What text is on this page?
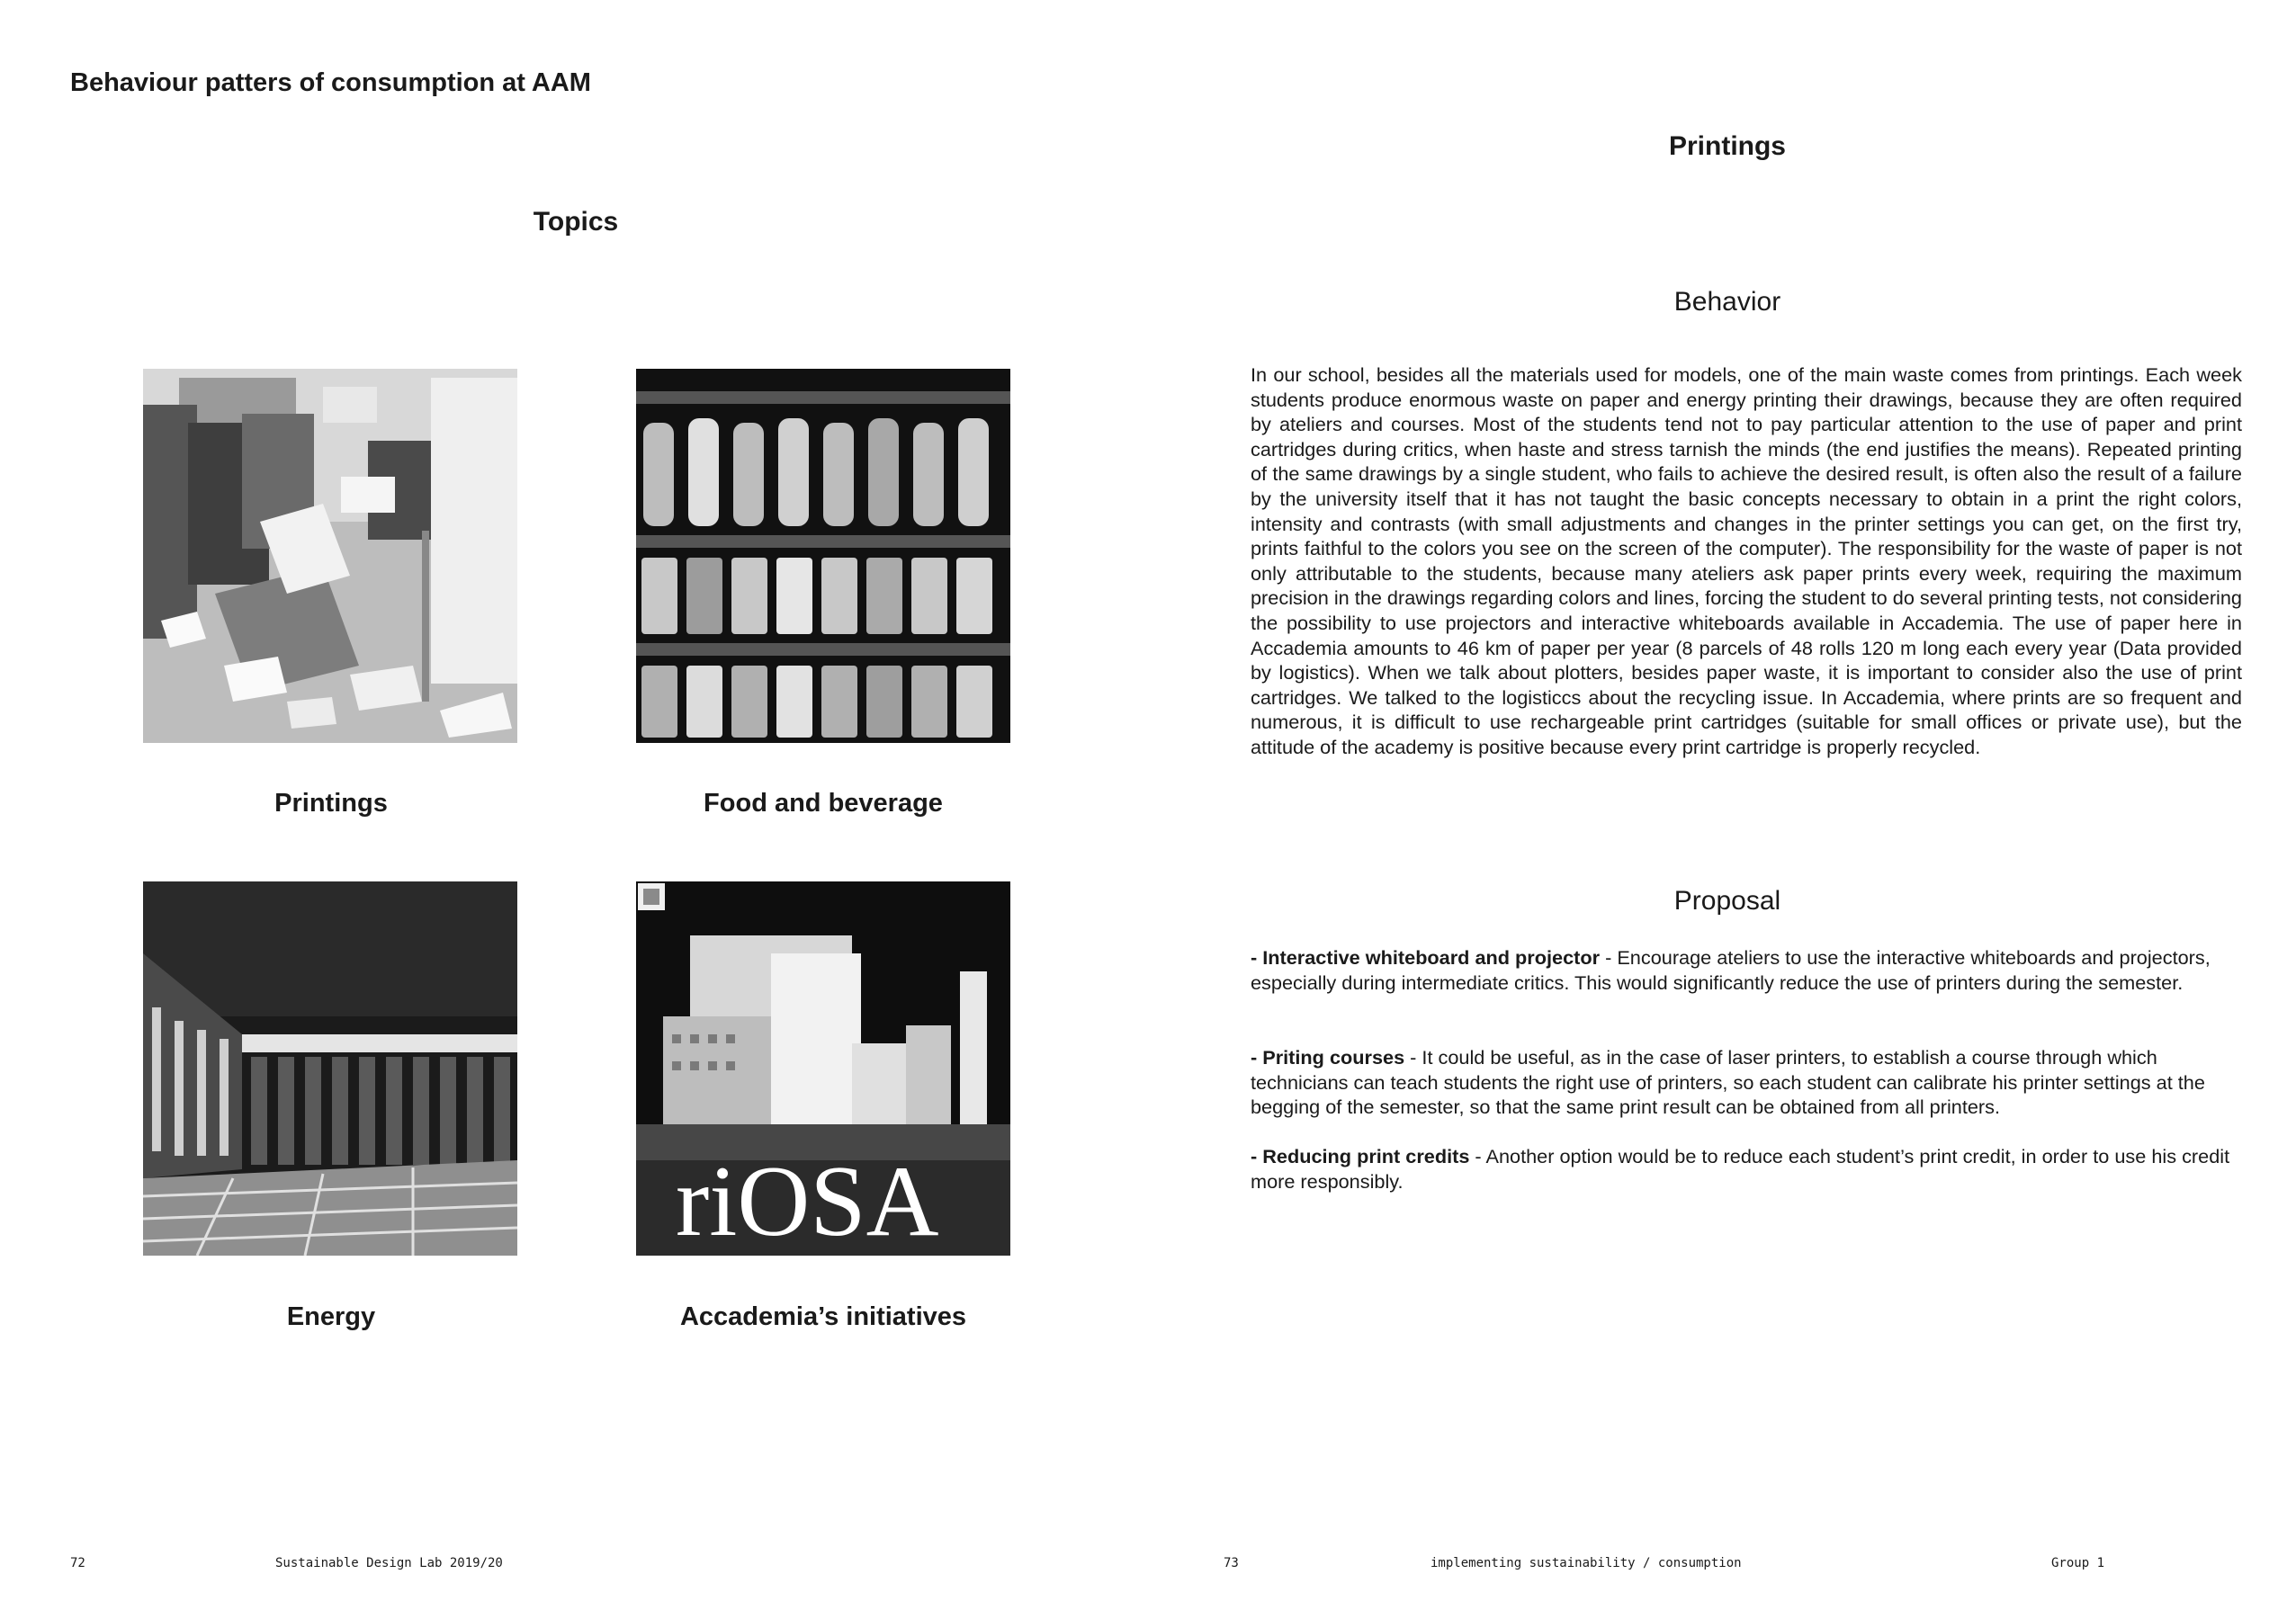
Behaviour patters of consumption at AAM
Topics
Printings	Food and beverage
riOSA
Energy	Accademia’s initiatives
Printings
Behavior
In our school, besides all the materials used for models, one of the main waste comes from printings. Each week students produce enormous waste on paper and energy printing their drawings, because they are often required by ateliers and courses. Most of the students tend not to pay particular attention to the use of paper and print cartridges during critics, when haste and stress tarnish the minds (the end justifies the means). Repeated printing of the same drawings by a single student, who fails to achieve the desired result, is often also the result of a failure by the university itself that it has not taught the basic concepts necessary to obtain in a print the right colors, intensity and contrasts (with small adjustments and changes in the printer settings you can get, on the first try, prints faithful to the colors you see on the screen of the computer). The responsibility for the waste of paper is not only attributable to the students, because many ateliers ask paper prints every week, requiring the maximum precision in the drawings regarding colors and lines, forcing the student to do several printing tests, not considering the possibility to use projectors and interactive whiteboards available in Accademia. The use of paper here in Accademia amounts to 46 km of paper per year (8 parcels of 48 rolls 120 m long each every year (Data provided by logistics). When we talk about plotters, besides paper waste, it is important to consider also the use of print cartridges. We talked to the logisticcs about the recycling issue. In Accademia, where prints are so frequent and numerous, it is difficult to use rechargeable print cartridges (suitable for small offices or private use), but the attitude of the academy is positive because every print cartridge is properly recycled.
Proposal
- Interactive whiteboard and projector - Encourage ateliers to use the interactive whiteboards and projectors, especially during intermediate critics. This would significantly reduce the use of printers during the semester.
- Priting courses - It could be useful, as in the case of laser printers, to establish a course through which technicians can teach students the right use of printers, so each student can calibrate his printer settings at the begging of the semester, so that the same print result can be obtained from all printers.
- Reducing print credits - Another option would be to reduce each student’s print credit, in order to use his credit more responsibly.
72	Sustainable Design Lab 2019/20	73	implementing sustainability / consumption	Group 1
